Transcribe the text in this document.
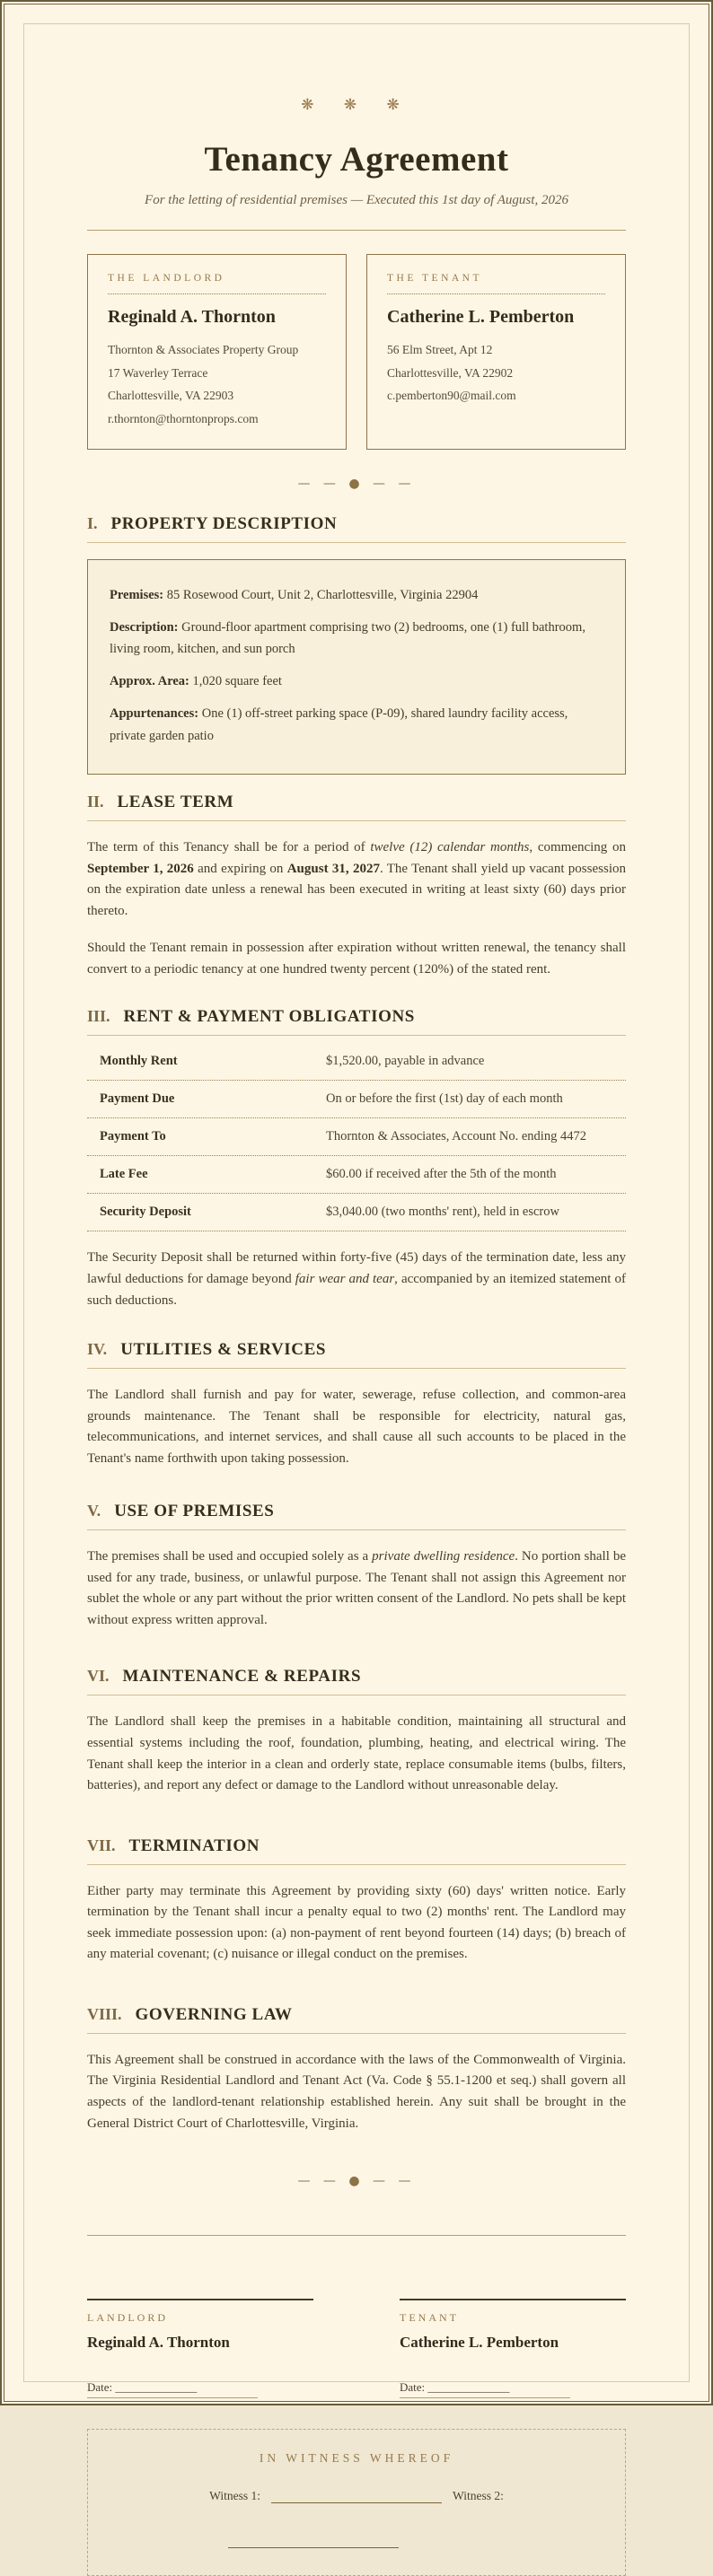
❋ ❋ ❋
Tenancy Agreement
For the letting of residential premises — Executed this 1st day of August, 2026
THE LANDLORD
Reginald A. Thornton
Thornton & Associates Property Group
17 Waverley Terrace
Charlottesville, VA 22903
r.thornton@thorntonprops.com
THE TENANT
Catherine L. Pemberton
56 Elm Street, Apt 12
Charlottesville, VA 22902
c.pemberton90@mail.com
— — ● — —
I. PROPERTY DESCRIPTION

Premises: 85 Rosewood Court, Unit 2, Charlottesville, Virginia 22904

Description: Ground-floor apartment comprising two (2) bedrooms, one (1) full bathroom, living room, kitchen, and sun porch

Approx. Area: 1,020 square feet

Appurtenances: One (1) off-street parking space (P-09), shared laundry facility access, private garden patio

II. LEASE TERM

The term of this Tenancy shall be for a period of twelve (12) calendar months, commencing on September 1, 2026 and expiring on August 31, 2027. The Tenant shall yield up vacant possession on the expiration date unless a renewal has been executed in writing at least sixty (60) days prior thereto.

Should the Tenant remain in possession after expiration without written renewal, the tenancy shall convert to a periodic tenancy at one hundred twenty percent (120%) of the stated rent.

III. RENT & PAYMENT OBLIGATIONS
Monthly Rent	$1,520.00, payable in advance
Payment Due	On or before the first (1st) day of each month
Payment To	Thornton & Associates, Account No. ending 4472
Late Fee	$60.00 if received after the 5th of the month
Security Deposit	$3,040.00 (two months' rent), held in escrow

The Security Deposit shall be returned within forty-five (45) days of the termination date, less any lawful deductions for damage beyond fair wear and tear, accompanied by an itemized statement of such deductions.

IV. UTILITIES & SERVICES

The Landlord shall furnish and pay for water, sewerage, refuse collection, and common-area grounds maintenance. The Tenant shall be responsible for electricity, natural gas, telecommunications, and internet services, and shall cause all such accounts to be placed in the Tenant's name forthwith upon taking possession.

V. USE OF PREMISES

The premises shall be used and occupied solely as a private dwelling residence. No portion shall be used for any trade, business, or unlawful purpose. The Tenant shall not assign this Agreement nor sublet the whole or any part without the prior written consent of the Landlord. No pets shall be kept without express written approval.

VI. MAINTENANCE & REPAIRS

The Landlord shall keep the premises in a habitable condition, maintaining all structural and essential systems including the roof, foundation, plumbing, heating, and electrical wiring. The Tenant shall keep the interior in a clean and orderly state, replace consumable items (bulbs, filters, batteries), and report any defect or damage to the Landlord without unreasonable delay.

VII. TERMINATION

Either party may terminate this Agreement by providing sixty (60) days' written notice. Early termination by the Tenant shall incur a penalty equal to two (2) months' rent. The Landlord may seek immediate possession upon: (a) non-payment of rent beyond fourteen (14) days; (b) breach of any material covenant; (c) nuisance or illegal conduct on the premises.

VIII. GOVERNING LAW

This Agreement shall be construed in accordance with the laws of the Commonwealth of Virginia. The Virginia Residential Landlord and Tenant Act (Va. Code § 55.1-1200 et seq.) shall govern all aspects of the landlord-tenant relationship established herein. Any suit shall be brought in the General District Court of Charlottesville, Virginia.

— — ● — —
LANDLORD
Reginald A. Thornton
Date: ______________
TENANT
Catherine L. Pemberton
Date: ______________
IN WITNESS WHEREOF
Witness 1:	Witness 2:
